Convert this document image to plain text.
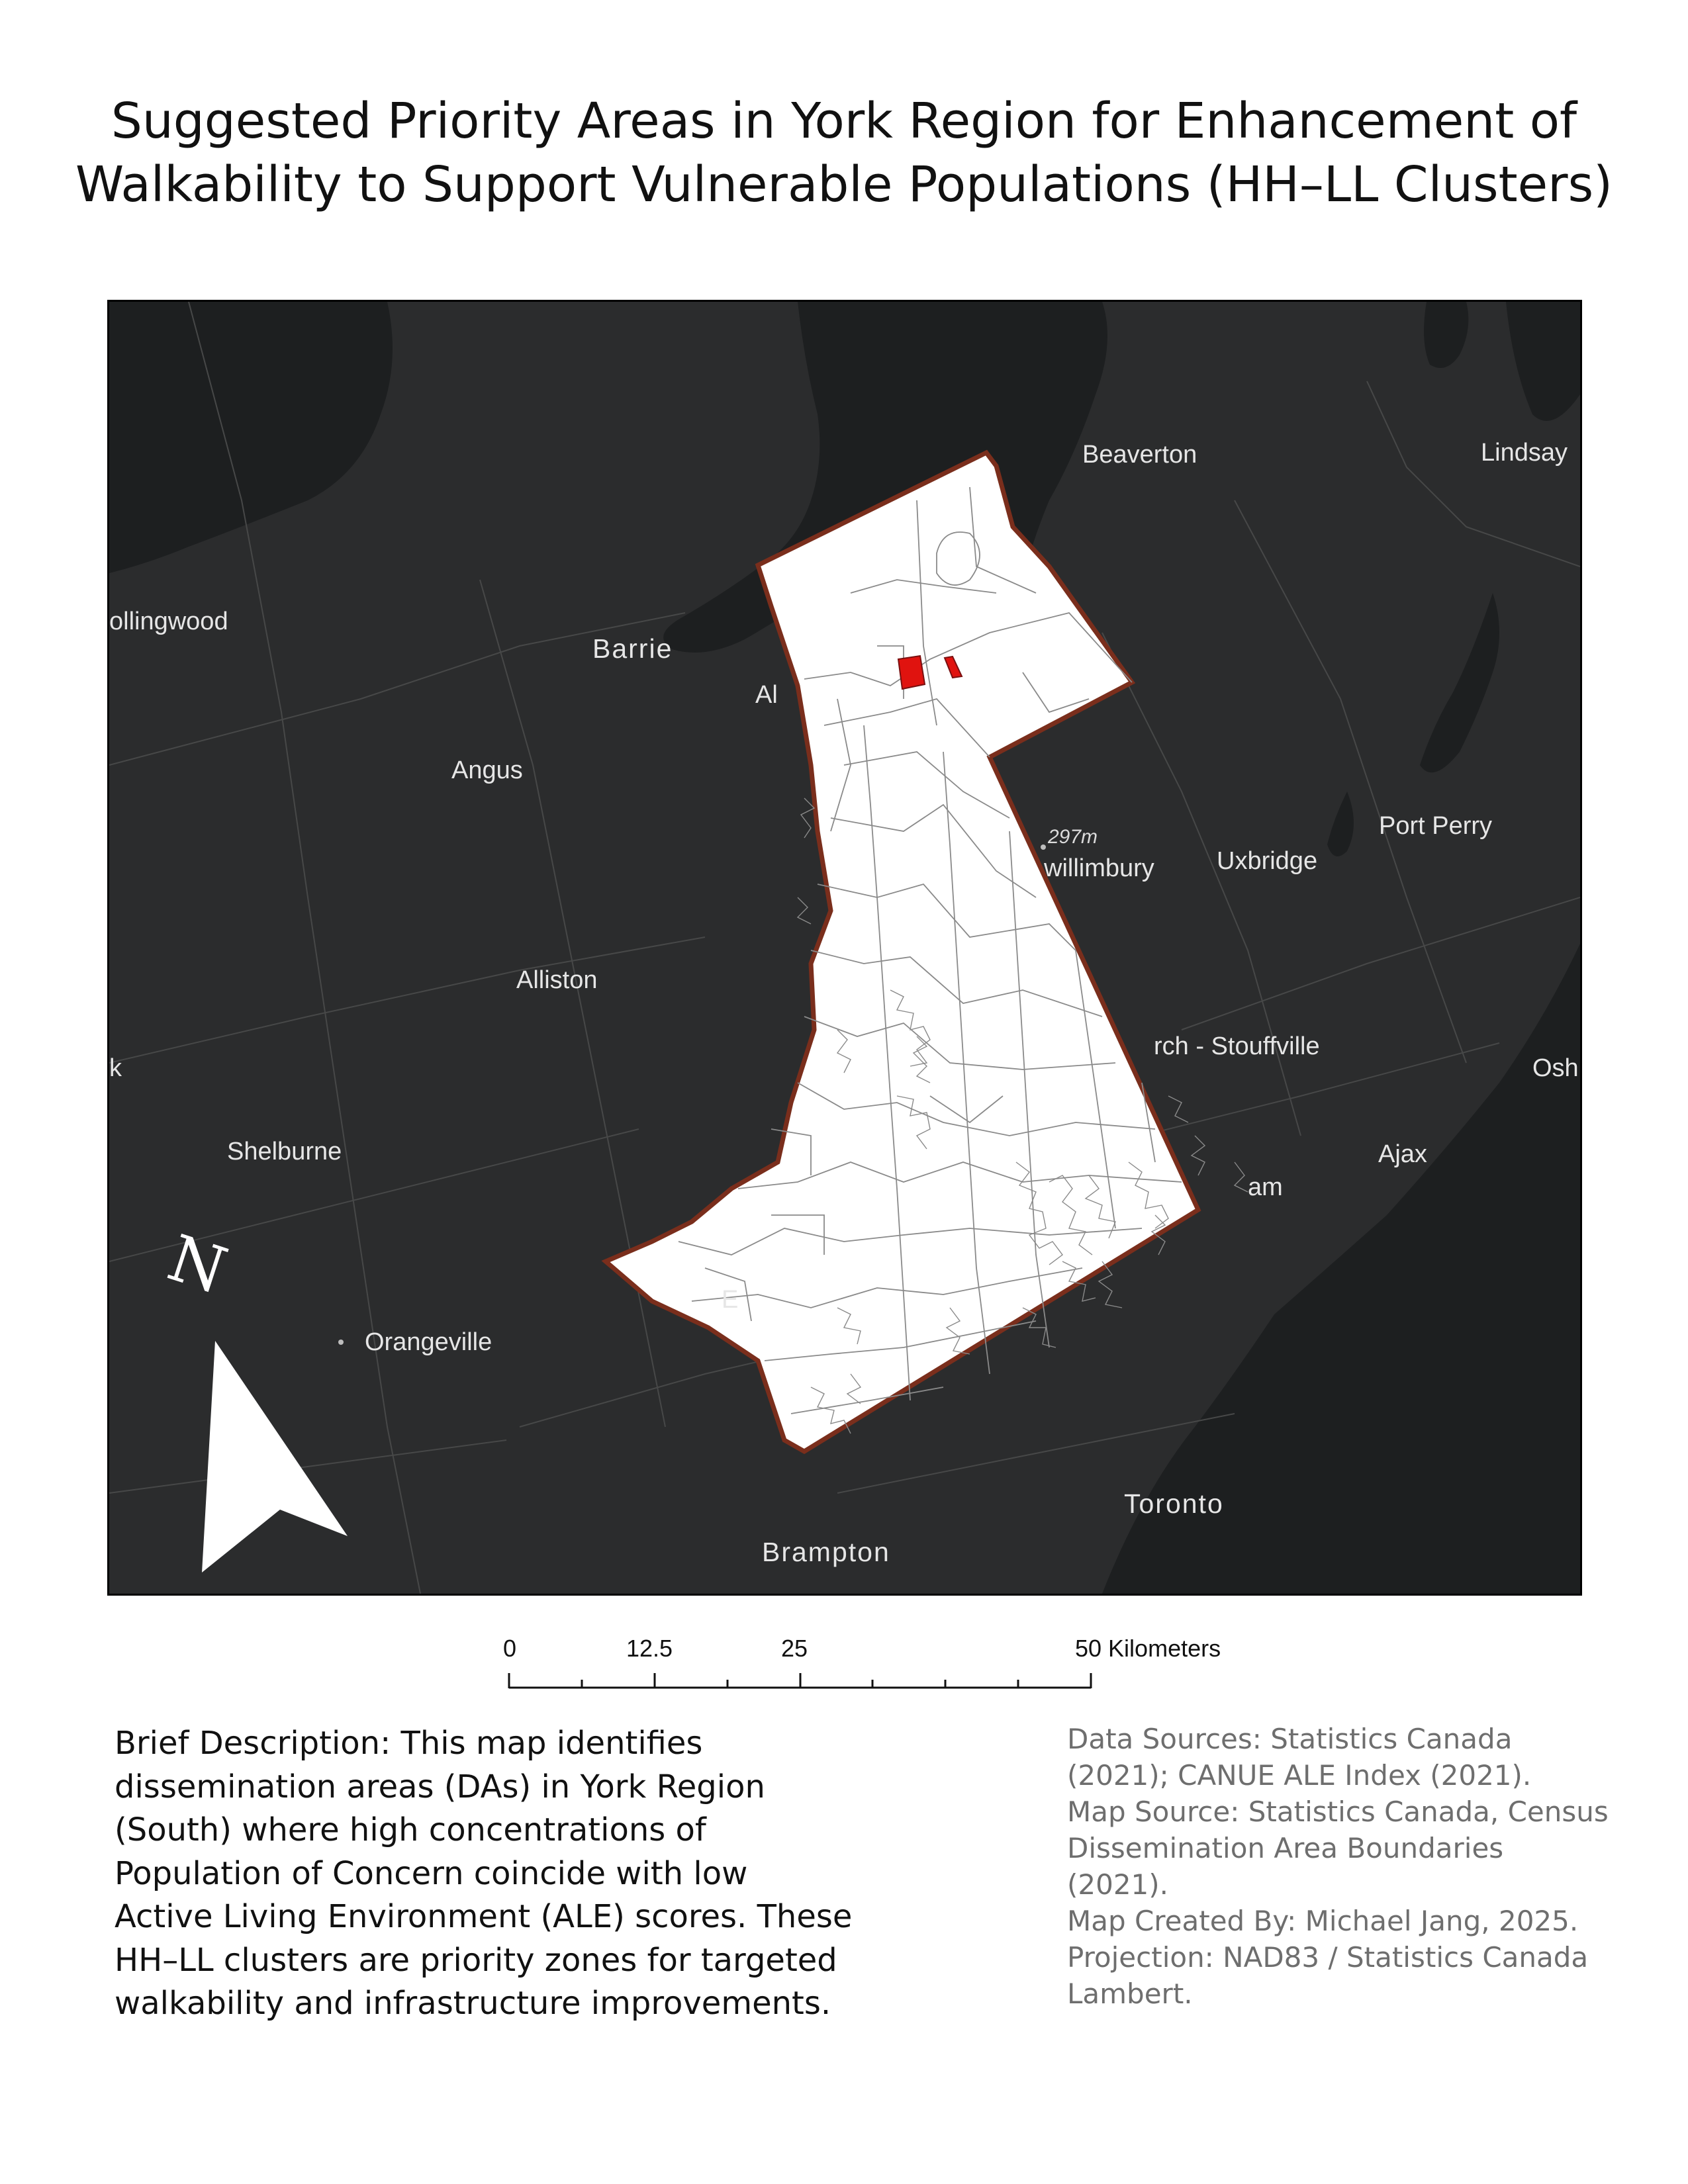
Suggested Priority Areas in York Region for Enhancement of
Walkability to Support Vulnerable Populations (HH–LL Clusters)
Beaverton	Lindsay
ollingwood
Barrie
Al
Angus
Port Perry
Uxbridge
297m
willimbury
Alliston
rch - Stouffville
Osh
k
Shelburne	Ajax
am
E
Orangeville
Toronto
Brampton
N
0	12.5	25	50 Kilometers
Brief Description: This map identifies dissemination areas (DAs) in York Region (South) where high concentrations of Population of Concern coincide with low Active Living Environment (ALE) scores. These HH–LL clusters are priority zones for targeted walkability and infrastructure improvements.
Data Sources: Statistics Canada (2021); CANUE ALE Index (2021).
Map Source: Statistics Canada, Census Dissemination Area Boundaries (2021).
Map Created By: Michael Jang, 2025.
Projection: NAD83 / Statistics Canada Lambert.
